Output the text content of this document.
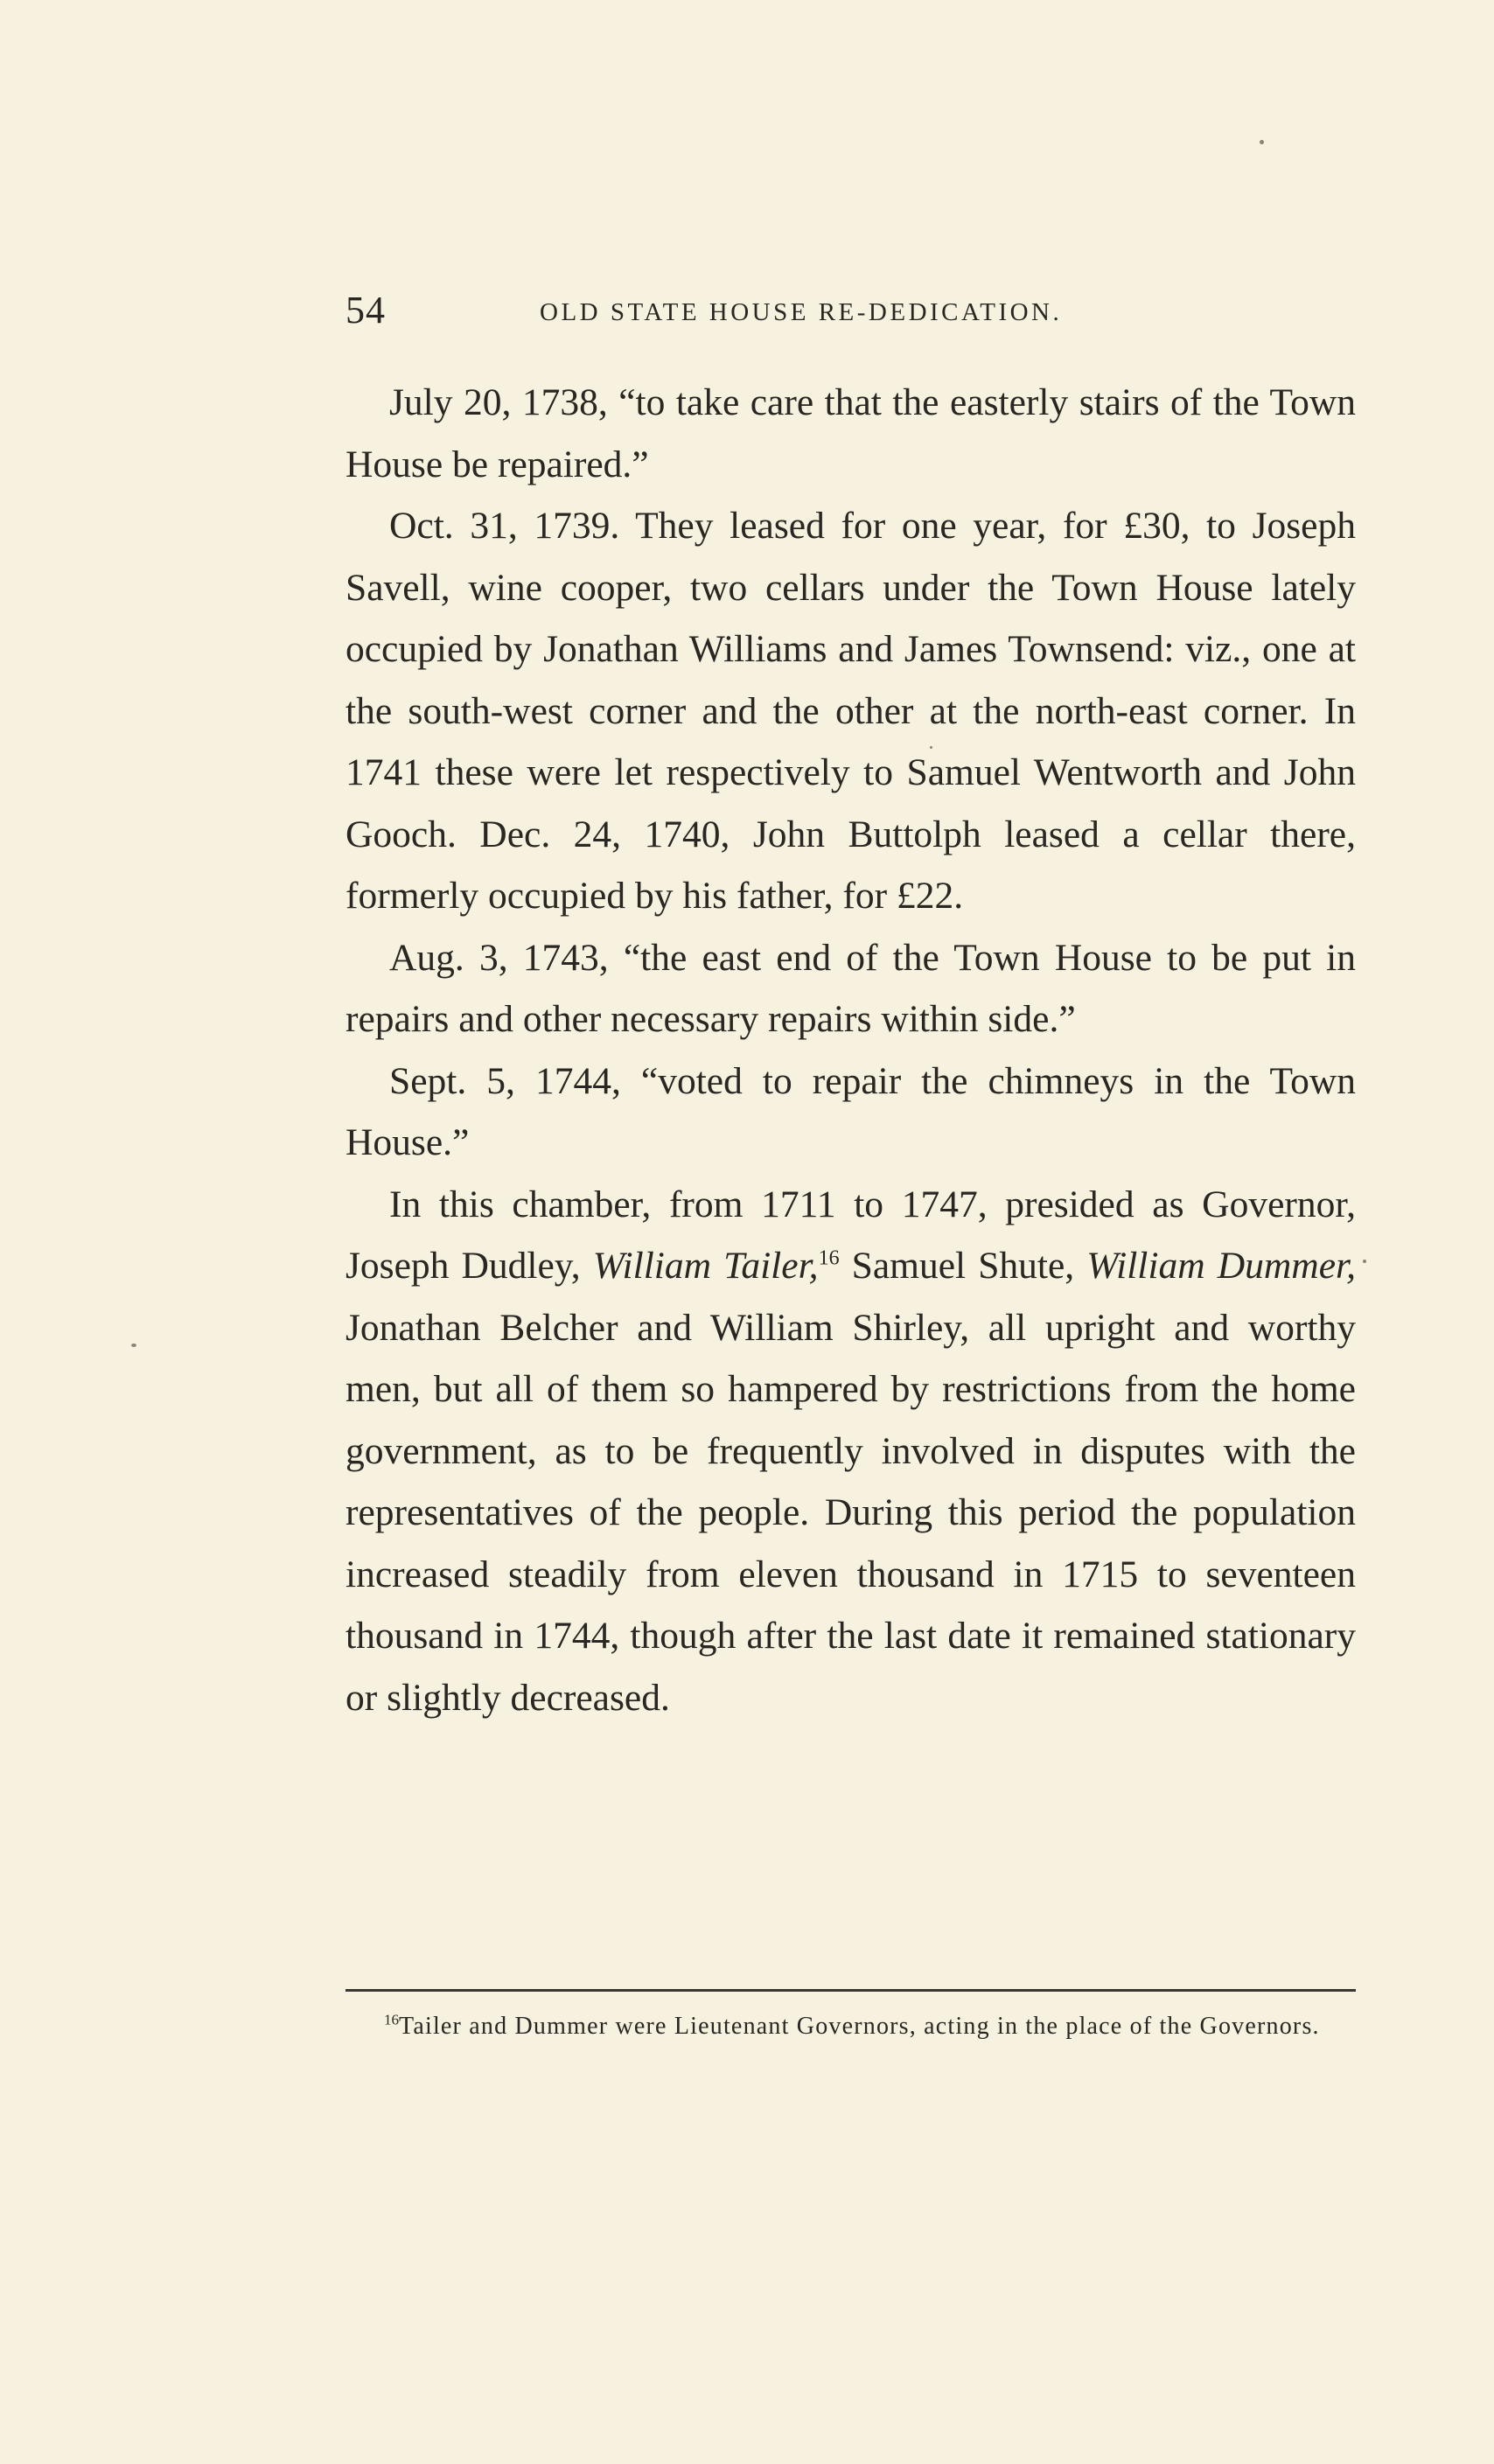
54	OLD STATE HOUSE RE-DEDICATION.

July 20, 1738, “to take care that the easterly stairs of the Town House be repaired.”

Oct. 31, 1739. They leased for one year, for £30, to Joseph Savell, wine cooper, two cellars under the Town House lately occupied by Jonathan Williams and James Townsend: viz., one at the south-west corner and the other at the north-east corner. In 1741 these were let respectively to Samuel Wentworth and John Gooch. Dec. 24, 1740, John Buttolph leased a cellar there, formerly occupied by his father, for £22.

Aug. 3, 1743, “the east end of the Town House to be put in repairs and other necessary repairs within side.”

Sept. 5, 1744, “voted to repair the chimneys in the Town House.”

In this chamber, from 1711 to 1747, presided as Governor, Joseph Dudley, William Tailer,$^{16}$ Samuel Shute, William Dummer, Jonathan Belcher and William Shirley, all upright and worthy men, but all of them so hampered by restrictions from the home government, as to be frequently involved in disputes with the representatives of the people. During this period the population increased steadily from eleven thousand in 1715 to seventeen thousand in 1744, though after the last date it remained stationary or slightly decreased.

$^{16}$Tailer and Dummer were Lieutenant Governors, acting in the place of the Governors.
